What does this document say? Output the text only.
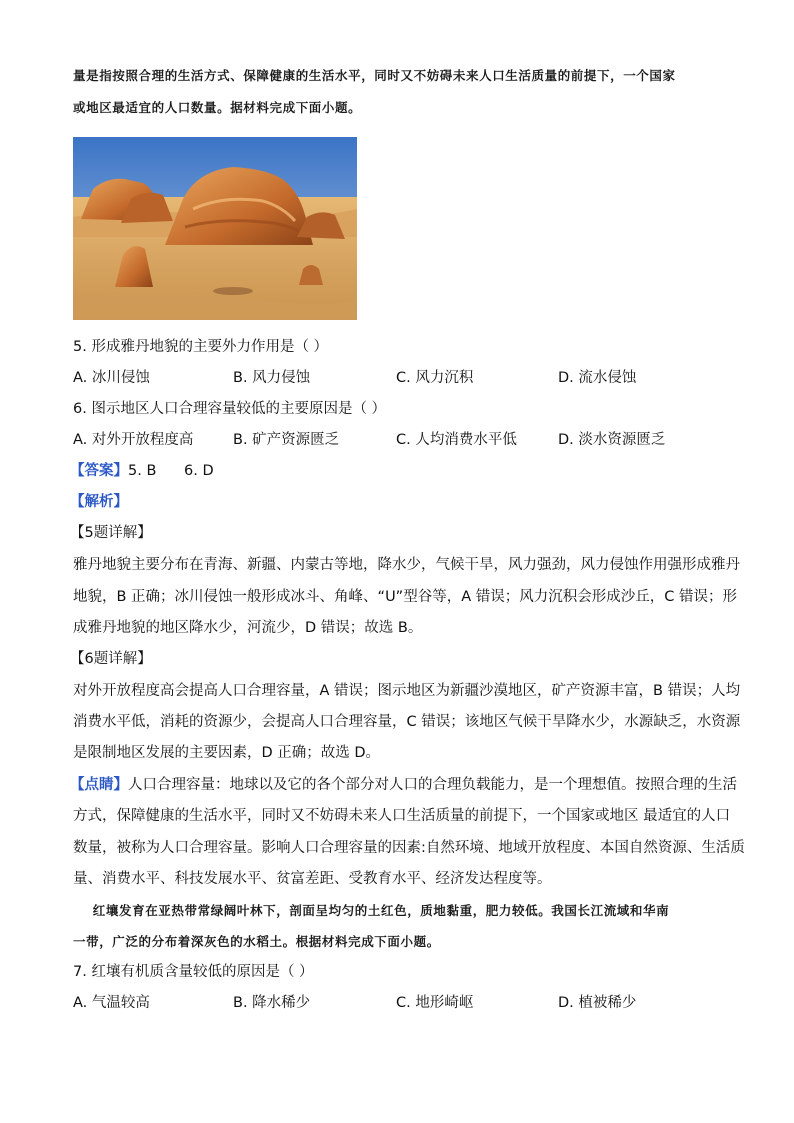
量是指按照合理的生活方式、保障健康的生活水平，同时又不妨碍未来人口生活质量的前提下，一个国家
或地区最适宜的人口数量。据材料完成下面小题。
5. 形成雅丹地貌的主要外力作用是（ ）
A. 冰川侵蚀	B. 风力侵蚀	C. 风力沉积	D. 流水侵蚀
6. 图示地区人口合理容量较低的主要原因是（ ）
A. 对外开放程度高	B. 矿产资源匮乏	C. 人均消费水平低	D. 淡水资源匮乏
【答案】5. B      6. D
【解析】
【5题详解】
雅丹地貌主要分布在青海、新疆、内蒙古等地，降水少，气候干旱，风力强劲，风力侵蚀作用强形成雅丹
地貌，B 正确；冰川侵蚀一般形成冰斗、角峰、“U”型谷等，A 错误；风力沉积会形成沙丘，C 错误；形
成雅丹地貌的地区降水少，河流少，D 错误；故选 B。
【6题详解】
对外开放程度高会提高人口合理容量，A 错误；图示地区为新疆沙漠地区，矿产资源丰富，B 错误；人均
消费水平低，消耗的资源少，会提高人口合理容量，C 错误；该地区气候干旱降水少，水源缺乏，水资源
是限制地区发展的主要因素，D 正确；故选 D。
【点睛】人口合理容量：地球以及它的各个部分对人口的合理负载能力，是一个理想值。按照合理的生活
方式，保障健康的生活水平，同时又不妨碍未来人口生活质量的前提下，一个国家或地区 最适宜的人口
数量，被称为人口合理容量。影响人口合理容量的因素:自然环境、地域开放程度、本国自然资源、生活质
量、消费水平、科技发展水平、贫富差距、受教育水平、经济发达程度等。
红壤发育在亚热带常绿阔叶林下，剖面呈均匀的土红色，质地黏重，肥力较低。我国长江流域和华南
一带，广泛的分布着深灰色的水稻土。根据材料完成下面小题。
7. 红壤有机质含量较低的原因是（ ）
A. 气温较高	B. 降水稀少	C. 地形崎岖	D. 植被稀少
